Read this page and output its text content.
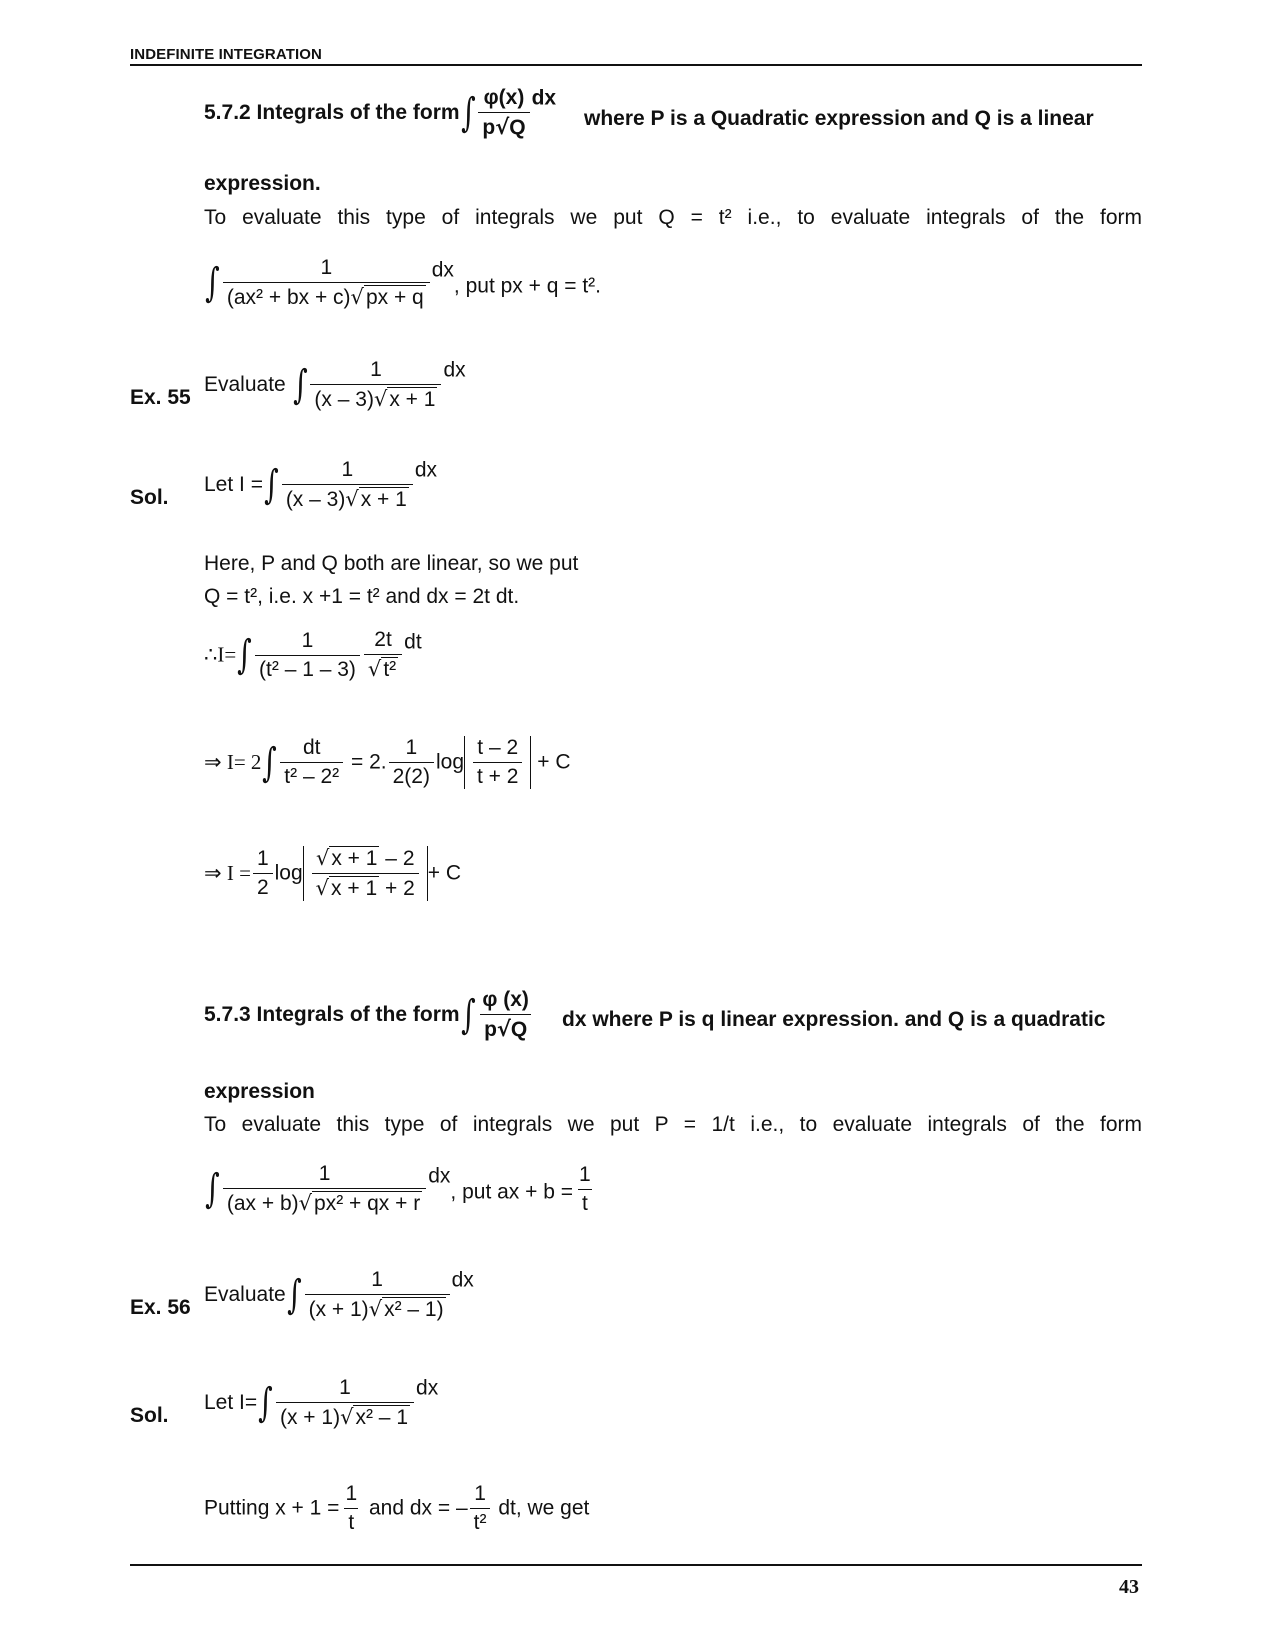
INDEFINITE INTEGRATION
5.7.2 Integrals of the form∫ $\frac{\varphi(x)}{p√Q}$ dx
where P is a Quadratic expression and Q is a linear
expression.
To evaluate this type of integrals we put Q = t² i.e., to evaluate integrals of the form
∫ $\frac{1}{\text{(ax² + bx + c)√px + q}}$ dx, put px + q = t².
Ex. 55
Evaluate ∫ $\frac{1}{(x - 3)√x + 1}$ dx
Sol.
Let I =∫ $\frac{1}{(x - 3)√x + 1}$ dx
Here, P and Q both are linear, so we put
Q = t², i.e. x +1 = t² and dx = 2t dt.
∴I=∫ $\frac{1}{\text{(t² – 1 – 3)}} \frac{2t}{\text{√t²}}$ dt
⇒ $I= 2\int \frac{dt}{\text{t² – 2²}} = 2$. $\frac{1}{2(2)}$ $\log \frac{t - 2}{t + 2} + C$
⇒ $I = \frac{1}{2}$ $\log \frac{√x + 1 - 2}{√x + 1 + 2} + C$
5.7.3 Integrals of the form∫ $\frac{\varphi (x)}{p√Q}$ dx where P is q linear expression. and Q is a quadratic
expression
To evaluate this type of integrals we put P = 1/t i.e., to evaluate integrals of the form
∫ $\frac{1}{\text{(ax + b)√px² + qx + r}}$ dx, put ax + $b = \frac{1}{t}$
Ex. 56
Evaluate∫ $\frac{1}{\text{(x + 1)√x² – 1)}}$ dx
Sol.
Let $I=\int \frac{1}{\text{(x + 1)√x² – 1}}$ dx
Putting $x + 1 = \frac{1}{t}$ and dx = – $\frac{1}{\text{t²}}$ dt, we get
43
